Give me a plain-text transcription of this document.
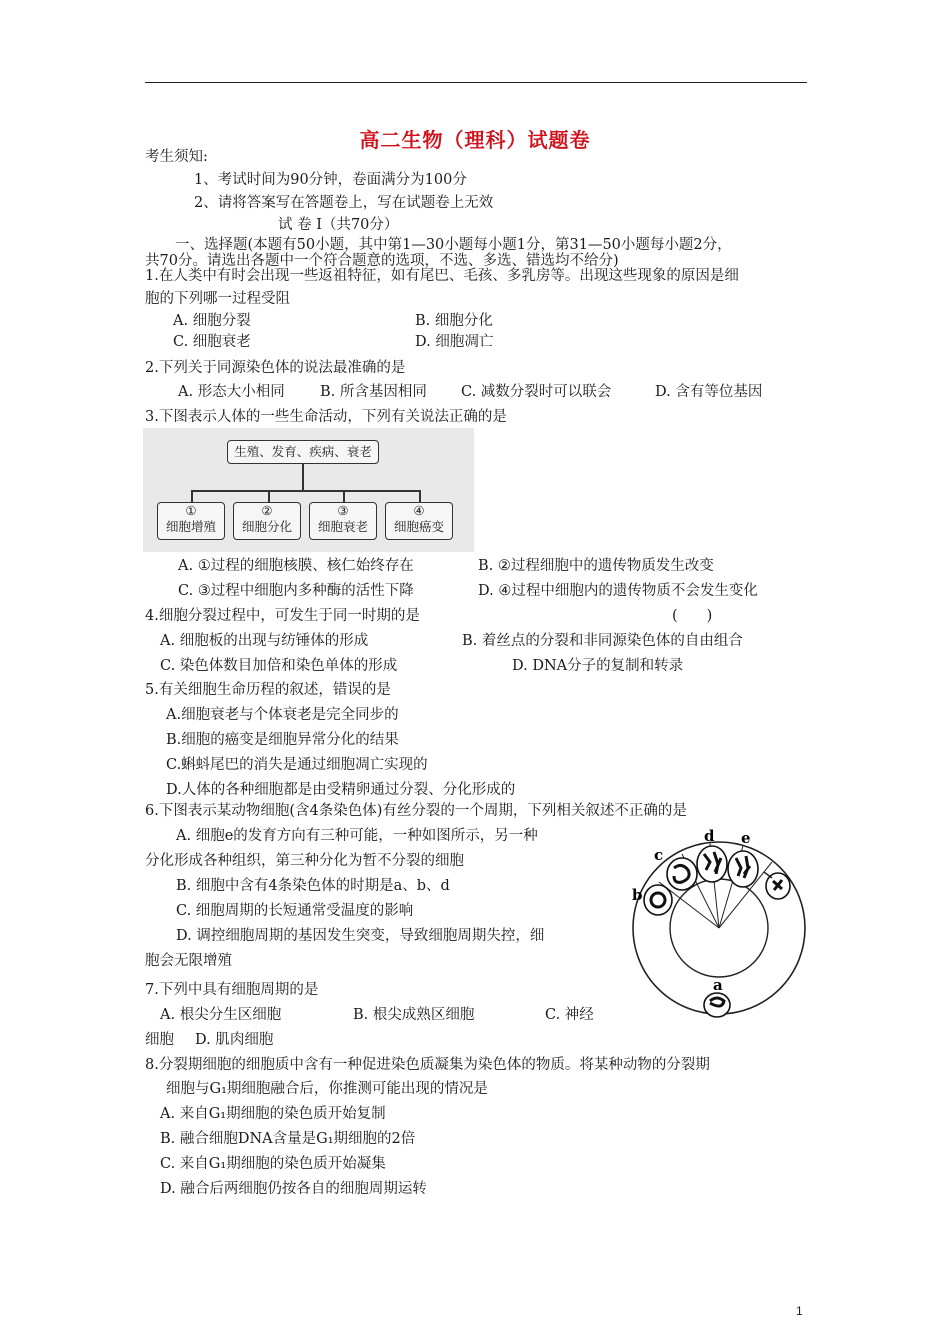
高二生物（理科）试题卷
考生须知:
1、考试时间为90分钟，卷面满分为100分
2、请将答案写在答题卷上，写在试题卷上无效
试 卷 Ⅰ（共70分）
一、选择题(本题有50小题，其中第1—30小题每小题1分，第31—50小题每小题2分，
共70分。请选出各题中一个符合题意的选项，不选、多选、错选均不给分)
1.在人类中有时会出现一些返祖特征，如有尾巴、毛孩、多乳房等。出现这些现象的原因是细
胞的下列哪一过程受阻
A. 细胞分裂	B. 细胞分化
C. 细胞衰老	D. 细胞凋亡
2.下列关于同源染色体的说法最准确的是
A. 形态大小相同 B. 所含基因相同 C. 减数分裂时可以联会	D. 含有等位基因
3.下图表示人体的一些生命活动，下列有关说法正确的是
生殖、发育、疾病、衰老
①
细胞增殖
②
细胞分化
③
细胞衰老
④
细胞癌变
A. ①过程的细胞核膜、核仁始终存在	B. ②过程细胞中的遗传物质发生改变
C. ③过程中细胞内多种酶的活性下降	D. ④过程中细胞内的遗传物质不会发生变化
4.细胞分裂过程中，可发生于同一时期的是	(　　)
A. 细胞板的出现与纺锤体的形成	B. 着丝点的分裂和非同源染色体的自由组合
C. 染色体数目加倍和染色单体的形成	D. DNA分子的复制和转录
5.有关细胞生命历程的叙述，错误的是
A.细胞衰老与个体衰老是完全同步的
B.细胞的癌变是细胞异常分化的结果
C.蝌蚪尾巴的消失是通过细胞凋亡实现的
D.人体的各种细胞都是由受精卵通过分裂、分化形成的
6.下图表示某动物细胞(含4条染色体)有丝分裂的一个周期，下列相关叙述不正确的是
A. 细胞e的发育方向有三种可能，一种如图所示，另一种
分化形成各种组织，第三种分化为暂不分裂的细胞
B. 细胞中含有4条染色体的时期是a、b、d
C. 细胞周期的长短通常受温度的影响
D. 调控细胞周期的基因发生突变，导致细胞周期失控，细
胞会无限增殖
b
c
d e
a
7.下列中具有细胞周期的是
A. 根尖分生区细胞	B. 根尖成熟区细胞	C. 神经
细胞 D. 肌肉细胞
8.分裂期细胞的细胞质中含有一种促进染色质凝集为染色体的物质。将某种动物的分裂期
细胞与G₁期细胞融合后，你推测可能出现的情况是
A. 来自G₁期细胞的染色质开始复制
B. 融合细胞DNA含量是G₁期细胞的2倍
C. 来自G₁期细胞的染色质开始凝集
D. 融合后两细胞仍按各自的细胞周期运转
1
